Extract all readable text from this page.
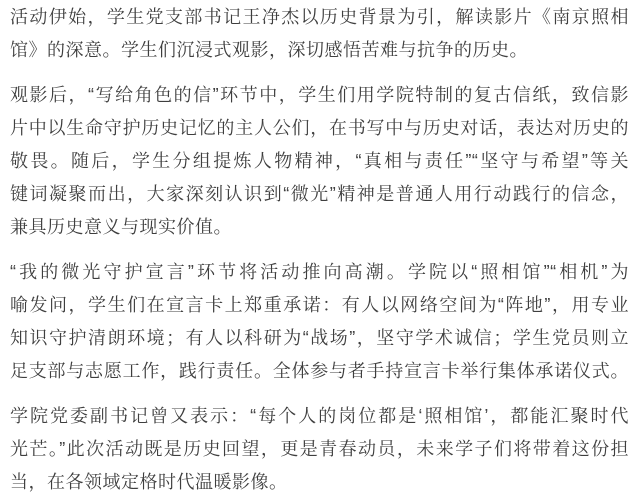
活动伊始，学生党支部书记王净杰以历史背景为引，解读影片《南京照相
馆》的深意。学生们沉浸式观影，深切感悟苦难与抗争的历史。
观影后，“写给角色的信”环节中，学生们用学院特制的复古信纸，致信影
片中以生命守护历史记忆的主人公们，在书写中与历史对话，表达对历史的
敬畏。随后，学生分组提炼人物精神，“真相与责任”“坚守与希望”等关
键词凝聚而出，大家深刻认识到“微光”精神是普通人用行动践行的信念，
兼具历史意义与现实价值。
“我的微光守护宣言”环节将活动推向高潮。学院以“照相馆”“相机”为
喻发问，学生们在宣言卡上郑重承诺：有人以网络空间为“阵地”，用专业
知识守护清朗环境；有人以科研为“战场”，坚守学术诚信；学生党员则立
足支部与志愿工作，践行责任。全体参与者手持宣言卡举行集体承诺仪式。
学院党委副书记曾又表示：“每个人的岗位都是‘照相馆’，都能汇聚时代
光芒。”此次活动既是历史回望，更是青春动员，未来学子们将带着这份担
当，在各领域定格时代温暖影像。
